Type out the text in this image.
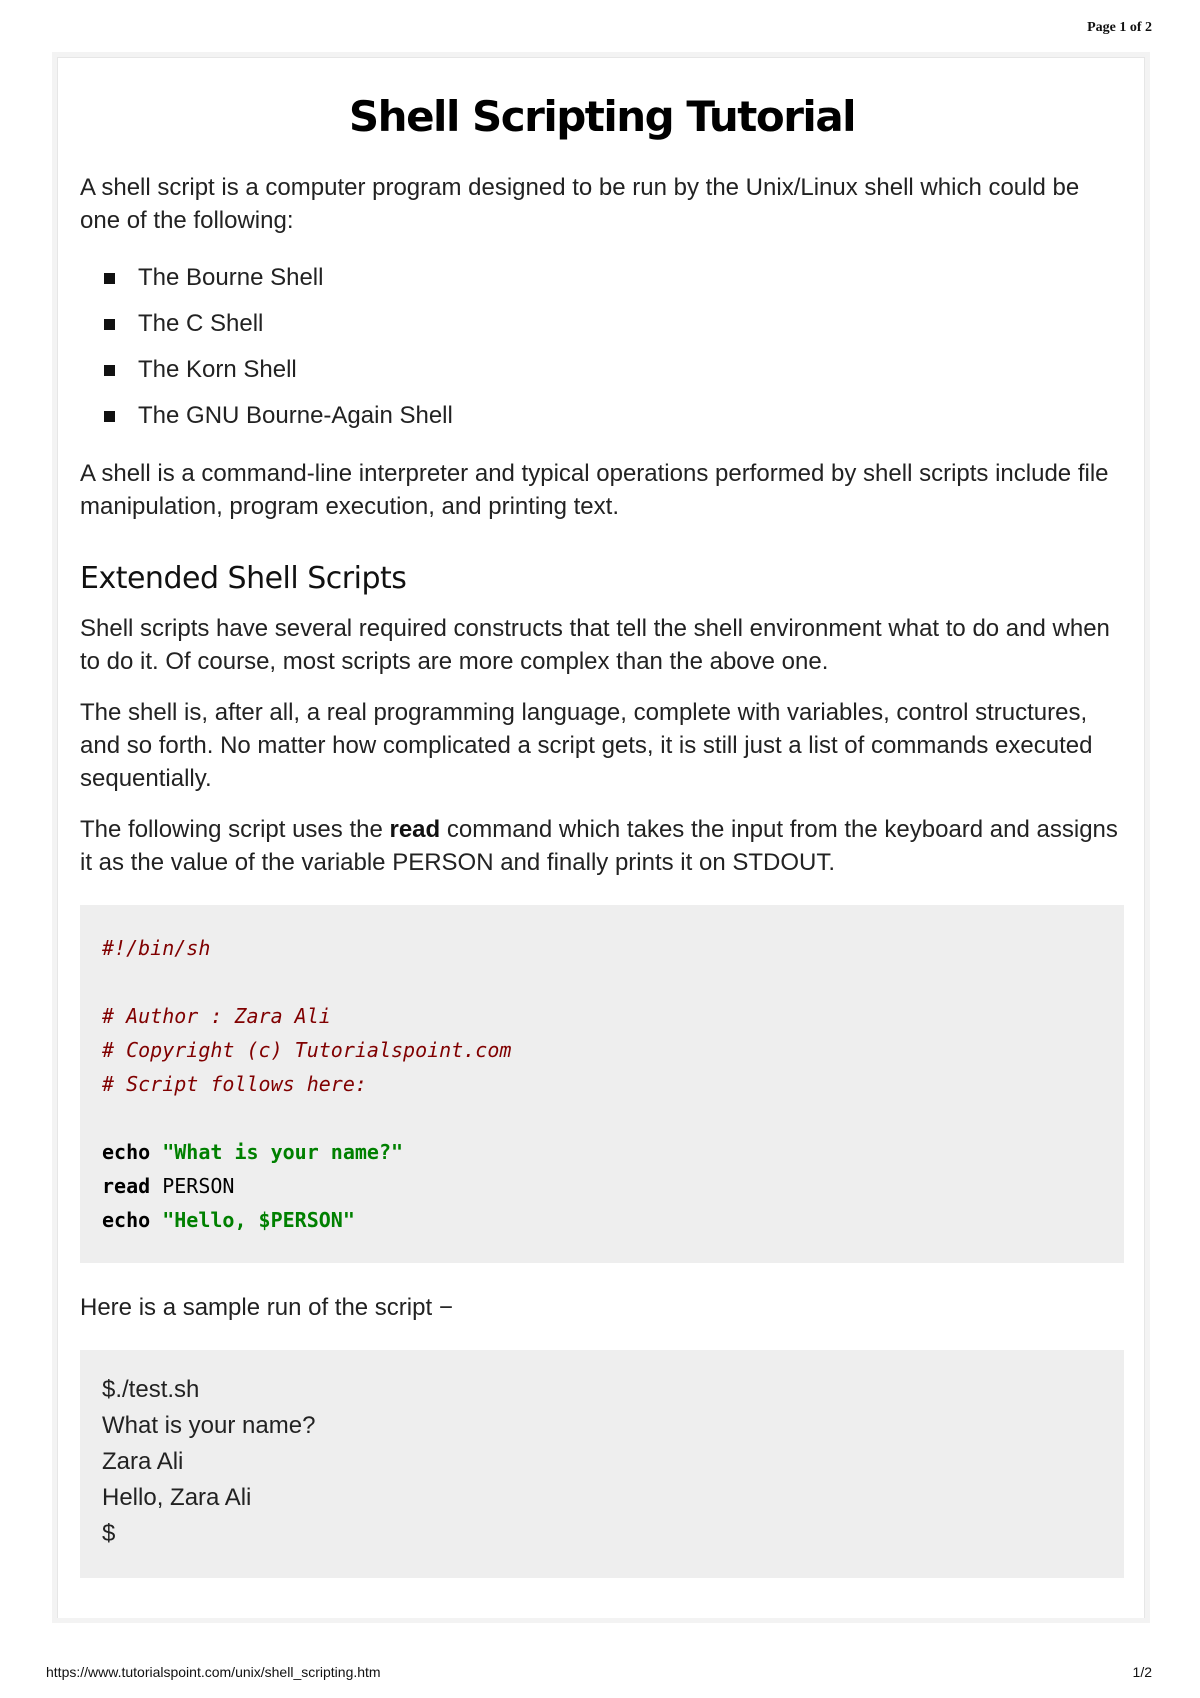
Page 1 of 2
Shell Scripting Tutorial

A shell script is a computer program designed to be run by the Unix/Linux shell which could be one of the following:

The Bourne Shell
The C Shell
The Korn Shell
The GNU Bourne-Again Shell

A shell is a command-line interpreter and typical operations performed by shell scripts include file manipulation, program execution, and printing text.

Extended Shell Scripts

Shell scripts have several required constructs that tell the shell environment what to do and when to do it. Of course, most scripts are more complex than the above one.

The shell is, after all, a real programming language, complete with variables, control structures, and so forth. No matter how complicated a script gets, it is still just a list of commands executed sequentially.

The following script uses the read command which takes the input from the keyboard and assigns it as the value of the variable PERSON and finally prints it on STDOUT.

#!/bin/sh
# Author : Zara Ali
# Copyright (c) Tutorialspoint.com
# Script follows here:
echo "What is your name?"
read PERSON
echo "Hello, $PERSON"

Here is a sample run of the script −

$./test.sh
What is your name?
Zara Ali
Hello, Zara Ali
$
https://www.tutorialspoint.com/unix/shell_scripting.htm	1/2
